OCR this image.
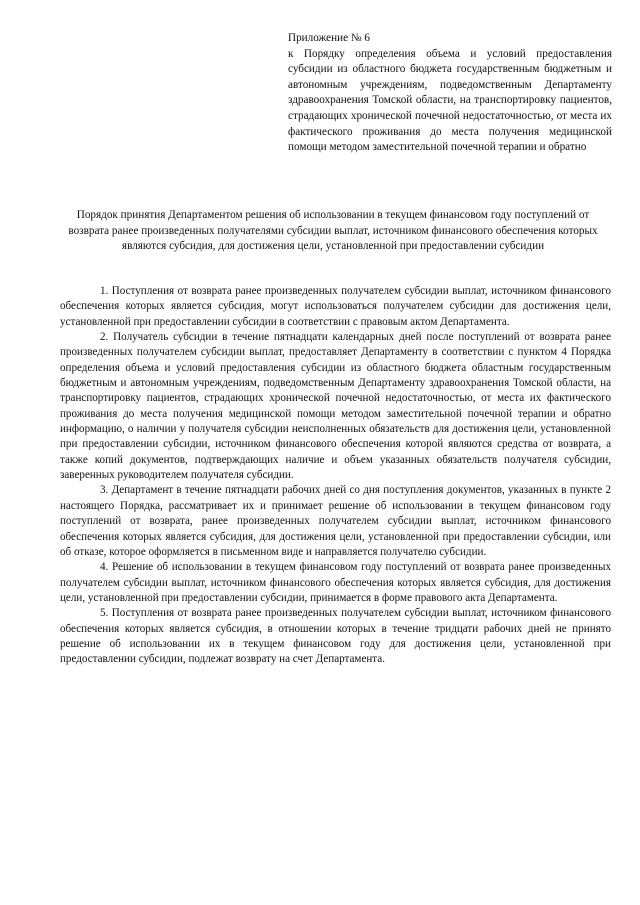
Приложение № 6

к Порядку определения объема и условий предоставления субсидии из областного бюджета государственным бюджетным и автономным учреждениям, подведомственным Департаменту здравоохранения Томской области, на транспортировку пациентов, страдающих хронической почечной недостаточностью, от места их фактического проживания до места получения медицинской помощи методом заместительной почечной терапии и обратно

Порядок принятия Департаментом решения об использовании в текущем финансовом году поступлений от возврата ранее произведенных получателями субсидии выплат, источником финансового обеспечения которых являются субсидия, для достижения цели, установленной при предоставлении субсидии

1. Поступления от возврата ранее произведенных получателем субсидии выплат, источником финансового обеспечения которых является субсидия, могут использоваться получателем субсидии для достижения цели, установленной при предоставлении субсидии в соответствии с правовым актом Департамента.

2. Получатель субсидии в течение пятнадцати календарных дней после поступлений от возврата ранее произведенных получателем субсидии выплат, предоставляет Департаменту в соответствии с пунктом 4 Порядка определения объема и условий предоставления субсидии из областного бюджета областным государственным бюджетным и автономным учреждениям, подведомственным Департаменту здравоохранения Томской области, на транспортировку пациентов, страдающих хронической почечной недостаточностью, от места их фактического проживания до места получения медицинской помощи методом заместительной почечной терапии и обратно информацию, о наличии у получателя субсидии неисполненных обязательств для достижения цели, установленной при предоставлении субсидии, источником финансового обеспечения которой являются средства от возврата, а также копий документов, подтверждающих наличие и объем указанных обязательств получателя субсидии, заверенных руководителем получателя субсидии.

3. Департамент в течение пятнадцати рабочих дней со дня поступления документов, указанных в пункте 2 настоящего Порядка, рассматривает их и принимает решение об использовании в текущем финансовом году поступлений от возврата, ранее произведенных получателем субсидии выплат, источником финансового обеспечения которых является субсидия, для достижения цели, установленной при предоставлении субсидии, или об отказе, которое оформляется в письменном виде и направляется получателю субсидии.

4. Решение об использовании в текущем финансовом году поступлений от возврата ранее произведенных получателем субсидии выплат, источником финансового обеспечения которых является субсидия, для достижения цели, установленной при предоставлении субсидии, принимается в форме правового акта Департамента.

5. Поступления от возврата ранее произведенных получателем субсидии выплат, источником финансового обеспечения которых является субсидия, в отношении которых в течение тридцати рабочих дней не принято решение об использовании их в текущем финансовом году для достижения цели, установленной при предоставлении субсидии, подлежат возврату на счет Департамента.
